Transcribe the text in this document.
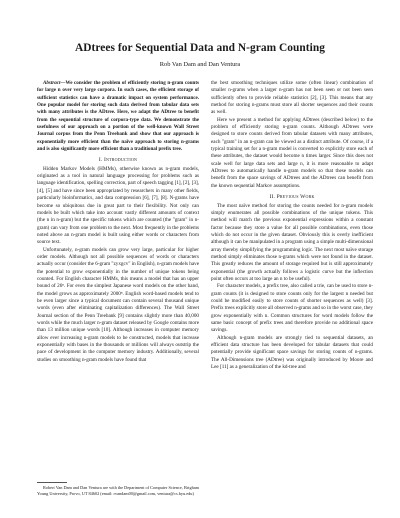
ADtrees for Sequential Data and N-gram Counting
Rob Van Dam and Dan Ventura

Abstract—We consider the problem of efficiently storing n-gram counts for large n over very large corpora. In such cases, the efficient storage of sufficient statistics can have a dramatic impact on system performance. One popular model for storing such data derived from tabular data sets with many attributes is the ADtree. Here, we adapt the ADtree to benefit from the sequential structure of corpora-type data. We demonstrate the usefulness of our approach on a portion of the well-known Wall Street Journal corpus from the Penn Treebank and show that our approach is exponentially more efficient than the naïve approach to storing n-grams and is also significantly more efficient than a traditional prefix tree.

I. Introduction

Hidden Markov Models (HMMs), otherwise known as n-gram models, originated as a tool in natural language processing for problems such as language identification, spelling correction, part of speech tagging [1], [2], [3], [4], [5] and have since been appropriated by researchers in many other fields, particularly bioinformatics, and data compression [6], [7], [8]. N-grams have become so ubiquitous due in great part to their flexibility. Not only can models be built which take into account vastly different amounts of context (the n in n-gram) but the specific tokens which are counted (the "gram" in n-gram) can vary from one problem to the next. Most frequently in the problems noted above an n-gram model is built using either words or characters from source text.

Unfortunately, n-gram models can grow very large, particular for higher order models. Although not all possible sequences of words or characters actually occur (consider the 6-gram "zyxgcv" in English), n-gram models have the potential to grow exponentially in the number of unique tokens being counted. For English character HMMs, this means a model that has an upper bound of 26ⁿ. For even the simplest Japanese word models on the other hand, the model grows as approximately 2000ⁿ. English word-based models tend to be even larger since a typical document can contain several thousand unique words (even after eliminating capitalization differences). The Wall Street Journal section of the Penn Treebank [9] contains slightly more than 40,000 words while the much larger n-gram dataset released by Google contains more than 13 million unique words [10]. Although increases in computer memory allow ever increasing n-gram models to be constructed, models that increase exponentially with bases in the thousands or millions will always outstrip the pace of development in the computer memory industry. Additionally, several studies on smoothing n-gram models have found that

the best smoothing techniques utilize some (often linear) combination of smaller n-grams when a larger n-gram has not been seen or not been seen sufficiently often to provide reliable statistics [2], [3]. This means that any method for storing n-grams must store all shorter sequences and their counts as well.

Here we present a method for applying ADtrees (described below) to the problem of efficiently storing n-gram counts. Although ADtrees were designed to store counts derived from tabular datasets with many attributes, each "gram" in an n-gram can be viewed as a distinct attribute. Of course, if a typical training set for a n-gram model is converted to explicitly store each of these attributes, the dataset would become n times larger. Since this does not scale well for large data sets and large n, it is more reasonable to adapt ADtrees to automatically handle n-gram models so that these models can benefit from the space savings of ADtrees and the ADtrees can benefit from the known sequential Markov assumptions.

II. Previous Work

The most naïve method for storing the counts needed for n-gram models simply enumerates all possible combinations of the unique tokens. This method will match the previous exponential expressions within a constant factor because they store a value for all possible combinations, even those which do not occur in the given dataset. Obviously this is overly inefficient although it can be manipulated in a program using a simple multi-dimensional array thereby simplifying the programming logic. The next most naïve storage method simply eliminates those n-grams which were not found in the dataset. This greatly reduces the amount of storage required but is still approximately exponential (the growth actually follows a logistic curve but the inflection point often occurs at too large an n to be useful).

For character models, a prefix tree, also called a trie, can be used to store n-gram counts (it is designed to store counts only for the largest n needed but could be modified easily to store counts of shorter sequences as well) [3]. Prefix trees explicitly store all observed n-grams and so in the worst case, they grow exponentially with n. Common structures for word models follow the same basic concept of prefix trees and therefore provide no additional space savings.

Although n-gram models are strongly tied to sequential datasets, an efficient data structure has been developed for tabular datasets that could potentially provide significant space savings for storing counts of n-grams. The All-Dimensions tree (ADtree) was originally introduced by Moore and Lee [11] as a generalization of the kd-tree and

Robert Van Dam and Dan Ventura are with the Department of Computer Science, Brigham Young University, Provo, UT 84602 (email: rvandam00@gmail.com, ventura@cs.byu.edu)
